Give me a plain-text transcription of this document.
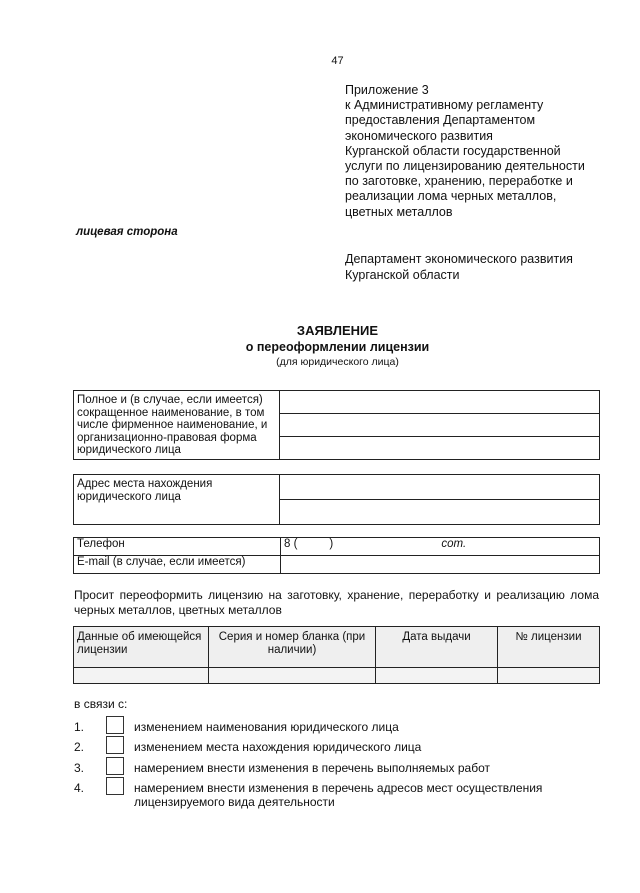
47
Приложение 3
к Административному регламенту
предоставления Департаментом
экономического развития
Курганской области государственной
услуги по лицензированию деятельности
по заготовке, хранению, переработке и
реализации лома черных металлов,
цветных металлов
лицевая сторона
Департамент экономического развития
Курганской области
ЗАЯВЛЕНИЕ
о переоформлении лицензии
(для юридического лица)
Полное и (в случае, если имеется) сокращенное наименование, в том числе фирменное наименование, и организационно-правовая форма юридического лица	

Адрес места нахождения юридического лица	

Телефон	8 (          ) сот.
E-mail (в случае, если имеется)	
Просит переоформить лицензию на заготовку, хранение, переработку и реализацию лома черных металлов, цветных металлов
Данные об имеющейся лицензии	Серия и номер бланка (при наличии)	Дата выдачи	№ лицензии

в связи с:
1.	изменением наименования юридического лица
2.	изменением места нахождения юридического лица
3.	намерением внести изменения в перечень выполняемых работ
4.	намерением внести изменения в перечень адресов мест осуществления лицензируемого вида деятельности
